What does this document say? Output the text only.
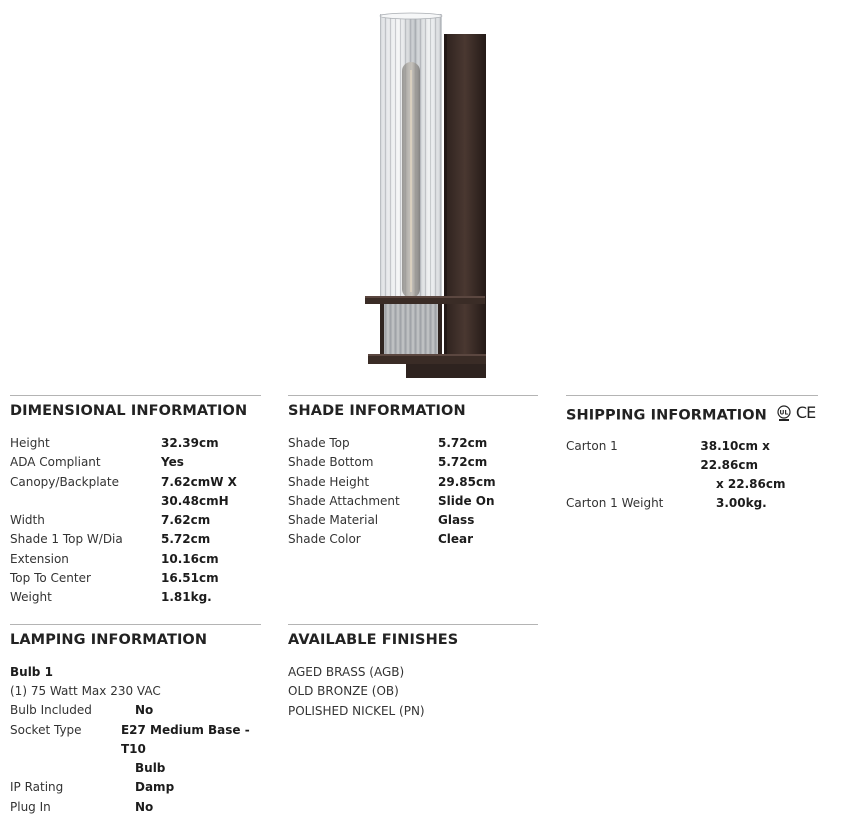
DIMENSIONAL INFORMATION
Height	32.39cm
ADA Compliant	Yes
Canopy/Backplate	7.62cmW X
30.48cmH
Width	7.62cm
Shade 1 Top W/Dia	5.72cm
Extension	10.16cm
Top To Center	16.51cm
Weight	1.81kg.
SHADE INFORMATION
Shade Top	5.72cm
Shade Bottom	5.72cm
Shade Height	29.85cm
Shade Attachment	Slide On
Shade Material	Glass
Shade Color	Clear
SHIPPING INFORMATION UL CE
Carton 1	38.10cm x 22.86cm
x 22.86cm
Carton 1 Weight	3.00kg.
LAMPING INFORMATION
Bulb 1
(1) 75 Watt Max 230 VAC
Bulb Included	No
Socket Type	E27 Medium Base - T10
Bulb
IP Rating	Damp
Plug In	No
AVAILABLE FINISHES
AGED BRASS (AGB)
OLD BRONZE (OB)
POLISHED NICKEL (PN)
